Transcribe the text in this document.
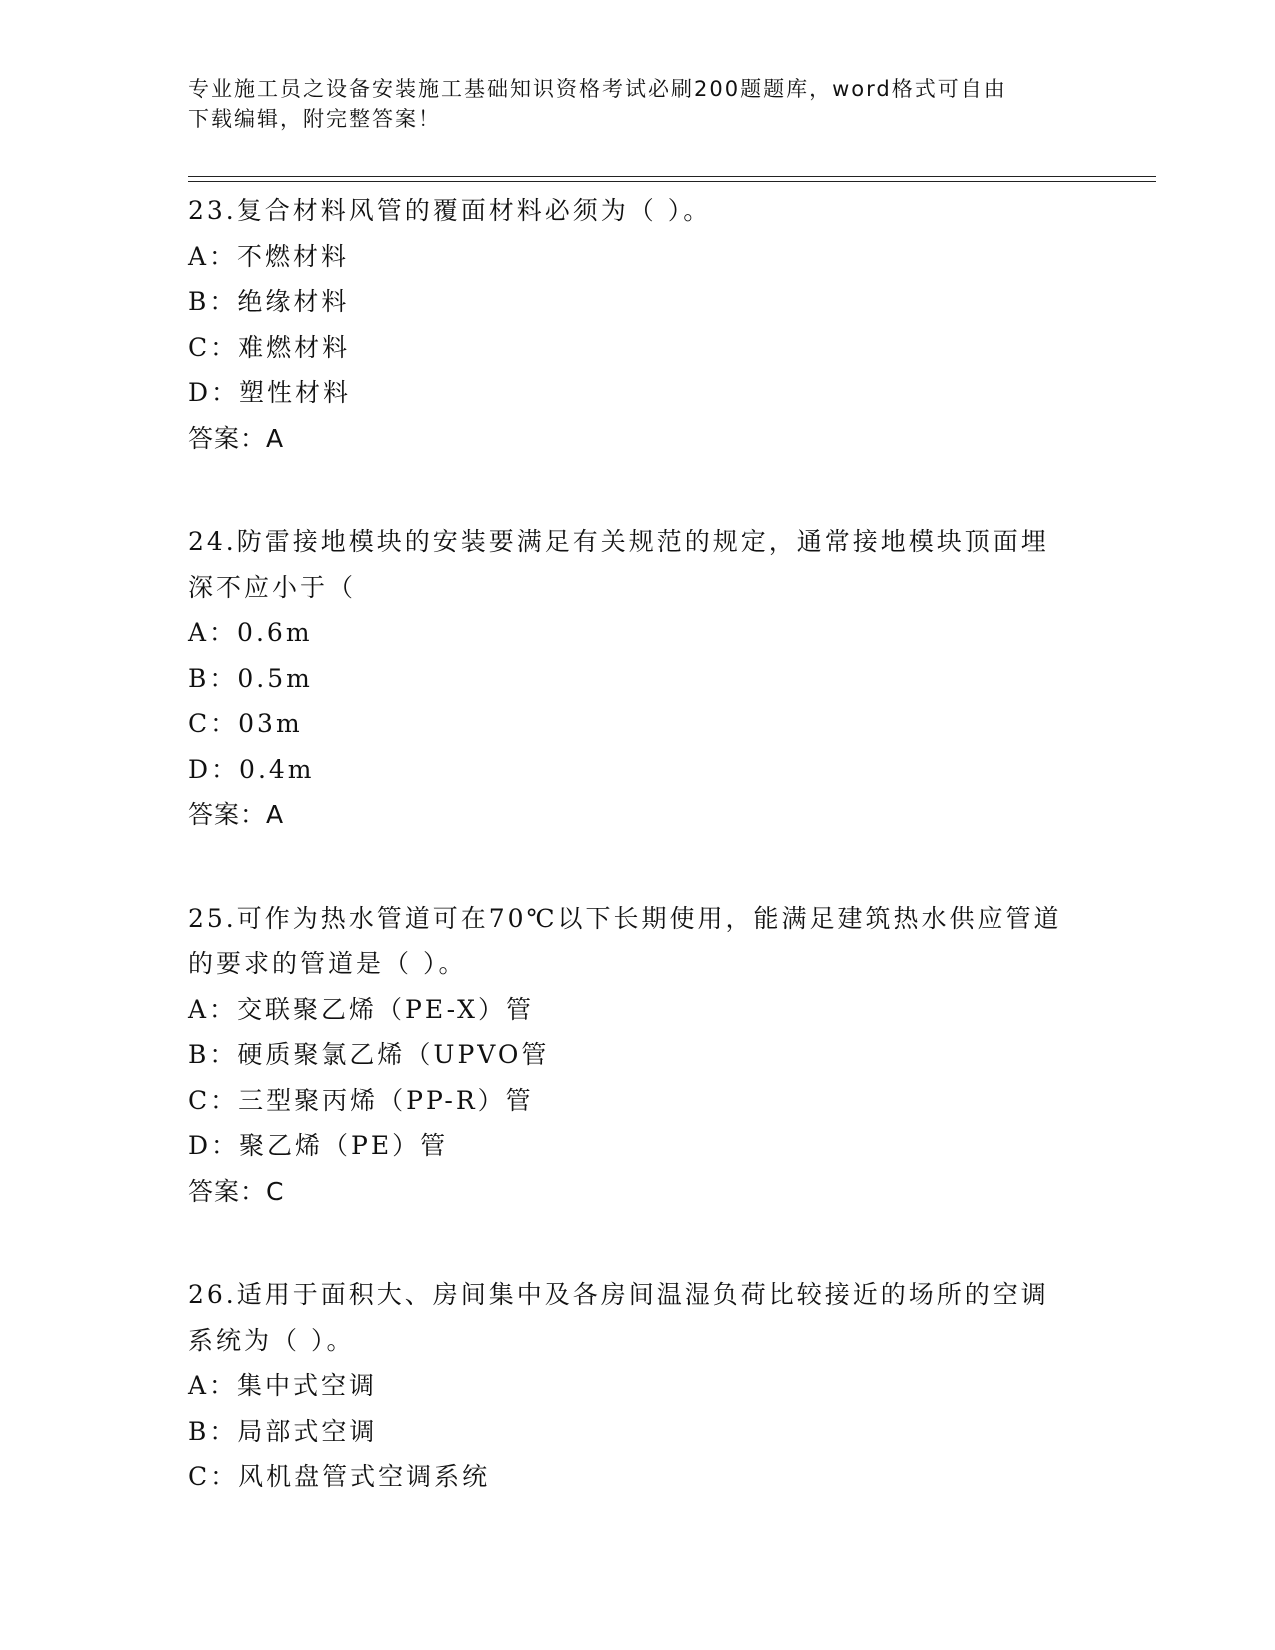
专业施工员之设备安装施工基础知识资格考试必刷200题题库，word格式可自由
下载编辑，附完整答案！
23.复合材料风管的覆面材料必须为（ ）。
A：不燃材料
B：绝缘材料
C：难燃材料
D：塑性材料
答案：A
24.防雷接地模块的安装要满足有关规范的规定，通常接地模块顶面埋
深不应小于（
A：0.6m
B：0.5m
C：03m
D：0.4m
答案：A
25.可作为热水管道可在70℃以下长期使用，能满足建筑热水供应管道
的要求的管道是（ ）。
A：交联聚乙烯（PE-X）管
B：硬质聚氯乙烯（UPVO管
C：三型聚丙烯（PP-R）管
D：聚乙烯（PE）管
答案：C
26.适用于面积大、房间集中及各房间温湿负荷比较接近的场所的空调
系统为（ ）。
A：集中式空调
B：局部式空调
C：风机盘管式空调系统
